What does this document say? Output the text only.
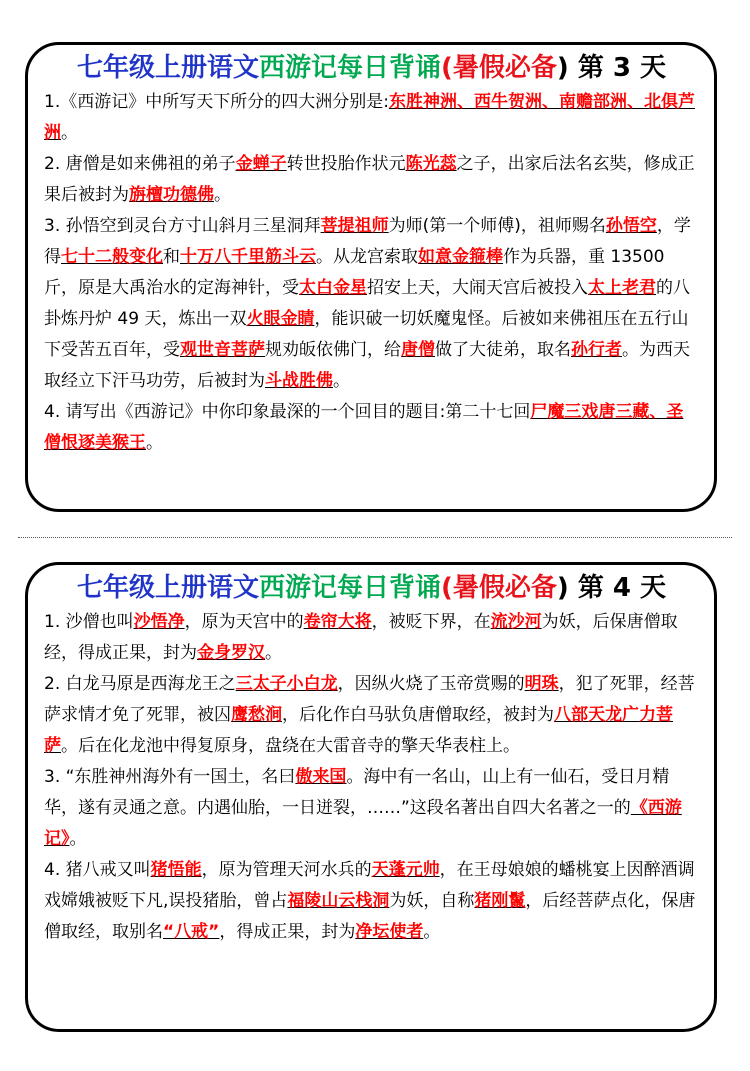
七年级上册语文西游记每日背诵(暑假必备) 第 3 天

1.《西游记》中所写天下所分的四大洲分别是:东胜神洲、西牛贺洲、南赡部洲、北俱芦洲。

2. 唐僧是如来佛祖的弟子金蝉子转世投胎作状元陈光蕊之子，出家后法名玄奘，修成正果后被封为旃檀功德佛。

3. 孙悟空到灵台方寸山斜月三星洞拜菩提祖师为师(第一个师傅)，祖师赐名孙悟空，学得七十二般变化和十万八千里筋斗云。从龙宫索取如意金箍棒作为兵器，重 13500 斤，原是大禹治水的定海神针，受太白金星招安上天，大闹天宫后被投入太上老君的八卦炼丹炉 49 天，炼出一双火眼金睛，能识破一切妖魔鬼怪。后被如来佛祖压在五行山下受苦五百年，受观世音菩萨规劝皈依佛门，给唐僧做了大徒弟，取名孙行者。为西天取经立下汗马功劳，后被封为斗战胜佛。

4. 请写出《西游记》中你印象最深的一个回目的题目:第二十七回尸魔三戏唐三藏、圣僧恨逐美猴王。

七年级上册语文西游记每日背诵(暑假必备) 第 4 天

1. 沙僧也叫沙悟净，原为天宫中的卷帘大将，被贬下界，在流沙河为妖，后保唐僧取经，得成正果，封为金身罗汉。

2. 白龙马原是西海龙王之三太子小白龙，因纵火烧了玉帝赏赐的明珠，犯了死罪，经菩萨求情才免了死罪，被囚鹰愁涧，后化作白马驮负唐僧取经，被封为八部天龙广力菩萨。后在化龙池中得复原身，盘绕在大雷音寺的擎天华表柱上。

3. “东胜神州海外有一国土，名曰傲来国。海中有一名山，山上有一仙石，受日月精华，遂有灵通之意。内遇仙胎，一日迸裂，……”这段名著出自四大名著之一的《西游记》。

4. 猪八戒又叫猪悟能，原为管理天河水兵的天蓬元帅，在王母娘娘的蟠桃宴上因醉酒调戏嫦娥被贬下凡,误投猪胎，曾占福陵山云栈洞为妖，自称猪刚鬣，后经菩萨点化，保唐僧取经，取别名“八戒”，得成正果，封为净坛使者。
